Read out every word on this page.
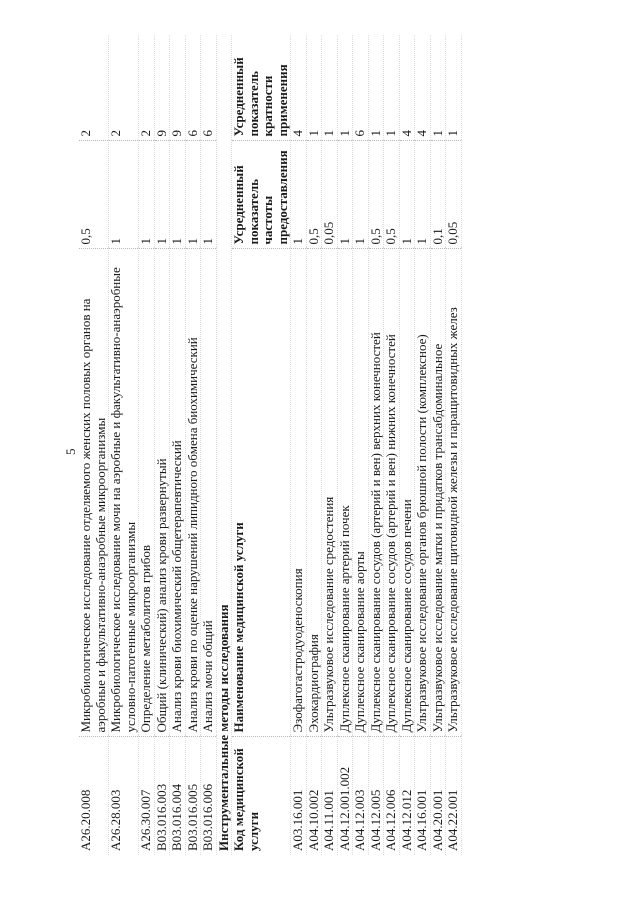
5
A26.20.008	Микробиологическое исследование отделяемого женских половых органов на аэробные и факультативно-анаэробные микроорганизмы	0,5	2
A26.28.003	Микробиологическое исследование мочи на аэробные и факультативно-анаэробные условно-патогенные микроорганизмы	1	2
A26.30.007	Определение метаболитов грибов	1	2
B03.016.003	Общий (клинический) анализ крови развернутый	1	9
B03.016.004	Анализ крови биохимический общетерапевтический	1	9
B03.016.005	Анализ крови по оценке нарушений липидного обмена биохимический	1	6
B03.016.006	Анализ мочи общий	1	6
Инструментальные методы исследования			
Код медицинской услуги	Наименование медицинской услуги	Усредненный показатель частоты предоставления	Усредненный показатель кратности применения
A03.16.001	Эзофагогастродуоденоскопия	1	4
A04.10.002	Эхокардиография	0,5	1
A04.11.001	Ультразвуковое исследование средостения	0,05	1
A04.12.001.002	Дуплексное сканирование артерий почек	1	1
A04.12.003	Дуплексное сканирование аорты	1	6
A04.12.005	Дуплексное сканирование сосудов (артерий и вен) верхних конечностей	0,5	1
A04.12.006	Дуплексное сканирование сосудов (артерий и вен) нижних конечностей	0,5	1
A04.12.012	Дуплексное сканирование сосудов печени	1	4
A04.16.001	Ультразвуковое исследование органов брюшной полости (комплексное)	1	4
A04.20.001	Ультразвуковое исследование матки и придатков трансабдоминальное	0,1	1
A04.22.001	Ультразвуковое исследование щитовидной железы и паращитовидных желез	0,05	1
